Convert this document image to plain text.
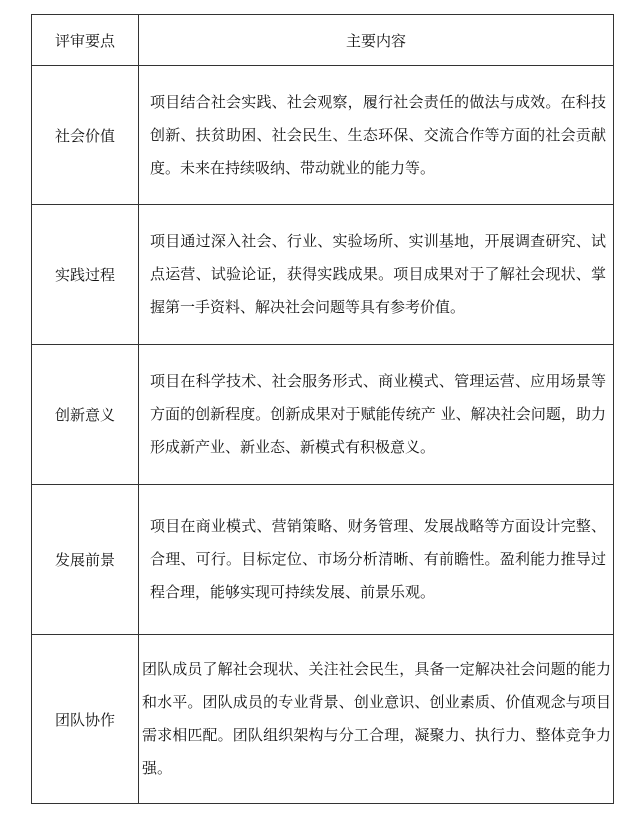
评审要点	主要内容
社会价值	项目结合社会实践、社会观察，履行社会责任的做法与成效。在科技创新、扶贫助困、社会民生、生态环保、交流合作等方面的社会贡献度。未来在持续吸纳、带动就业的能力等。

实践过程	项目通过深入社会、行业、实验场所、实训基地，开展调查研究、试点运营、试验论证，获得实践成果。项目成果对于了解社会现状、掌握第一手资料、解决社会问题等具有参考价值。

创新意义	项目在科学技术、社会服务形式、商业模式、管理运营、应用场景等方面的创新程度。创新成果对于赋能传统产 业、解决社会问题，助力形成新产业、新业态、新模式有积极意义。

发展前景	项目在商业模式、营销策略、财务管理、发展战略等方面设计完整、合理、可行。目标定位、市场分析清晰、有前瞻性。盈利能力推导过程合理，能够实现可持续发展、前景乐观。

团队协作	团队成员了解社会现状、关注社会民生，具备一定解决社会问题的能力和水平。团队成员的专业背景、创业意识、创业素质、价值观念与项目需求相匹配。团队组织架构与分工合理，凝聚力、执行力、整体竞争力强。
